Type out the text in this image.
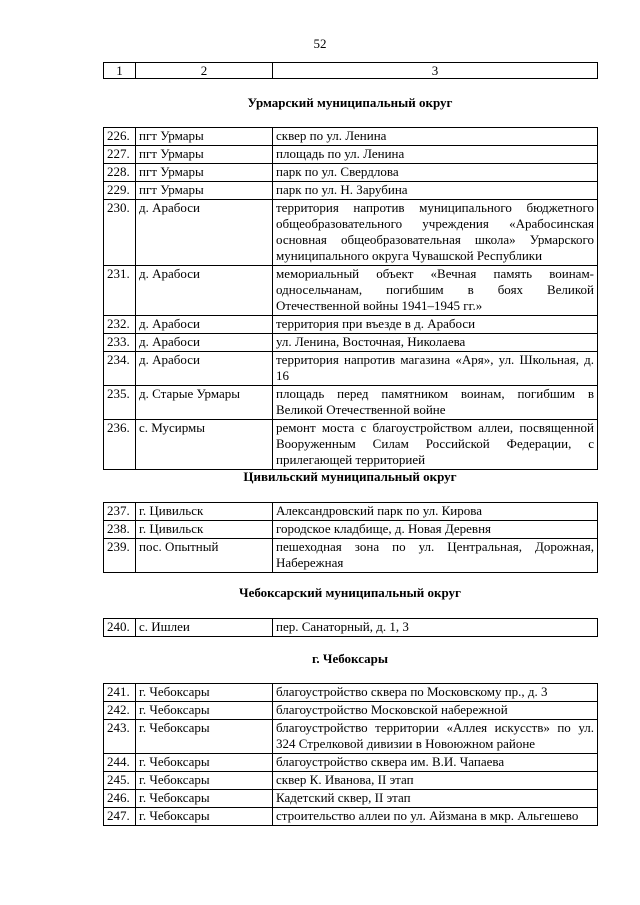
52
1	2	3
Урмарский муниципальный округ
226.	пгт Урмары	сквер по ул. Ленина
227.	пгт Урмары	площадь по ул. Ленина
228.	пгт Урмары	парк по ул. Свердлова
229.	пгт Урмары	парк по ул. Н. Зарубина
230.	д. Арабоси	территория напротив муниципального бюджетного общеобразовательного учреждения «Арабосинская основная общеобразовательная школа» Урмарского муниципального округа Чувашской Республики
231.	д. Арабоси	мемориальный объект «Вечная память воинам-односельчанам, погибшим в боях Великой Отечественной войны 1941–1945 гг.»
232.	д. Арабоси	территория при въезде в д. Арабоси
233.	д. Арабоси	ул. Ленина, Восточная, Николаева
234.	д. Арабоси	территория напротив магазина «Аря», ул. Школьная, д. 16
235.	д. Старые Урмары	площадь перед памятником воинам, погибшим в Великой Отечественной войне
236.	с. Мусирмы	ремонт моста с благоустройством аллеи, посвященной Вооруженным Силам Российской Федерации, с прилегающей территорией
Цивильский муниципальный округ
237.	г. Цивильск	Александровский парк по ул. Кирова
238.	г. Цивильск	городское кладбище, д. Новая Деревня
239.	пос. Опытный	пешеходная зона по ул. Центральная, Дорожная, Набережная
Чебоксарский муниципальный округ
240.	с. Ишлеи	пер. Санаторный, д. 1, 3
г. Чебоксары
241.	г. Чебоксары	благоустройство сквера по Московскому пр., д. 3
242.	г. Чебоксары	благоустройство Московской набережной
243.	г. Чебоксары	благоустройство территории «Аллея искусств» по ул. 324 Стрелковой дивизии в Новоюжном районе
244.	г. Чебоксары	благоустройство сквера им. В.И. Чапаева
245.	г. Чебоксары	сквер К. Иванова, II этап
246.	г. Чебоксары	Кадетский сквер, II этап
247.	г. Чебоксары	строительство аллеи по ул. Айзмана в мкр. Альгешево
